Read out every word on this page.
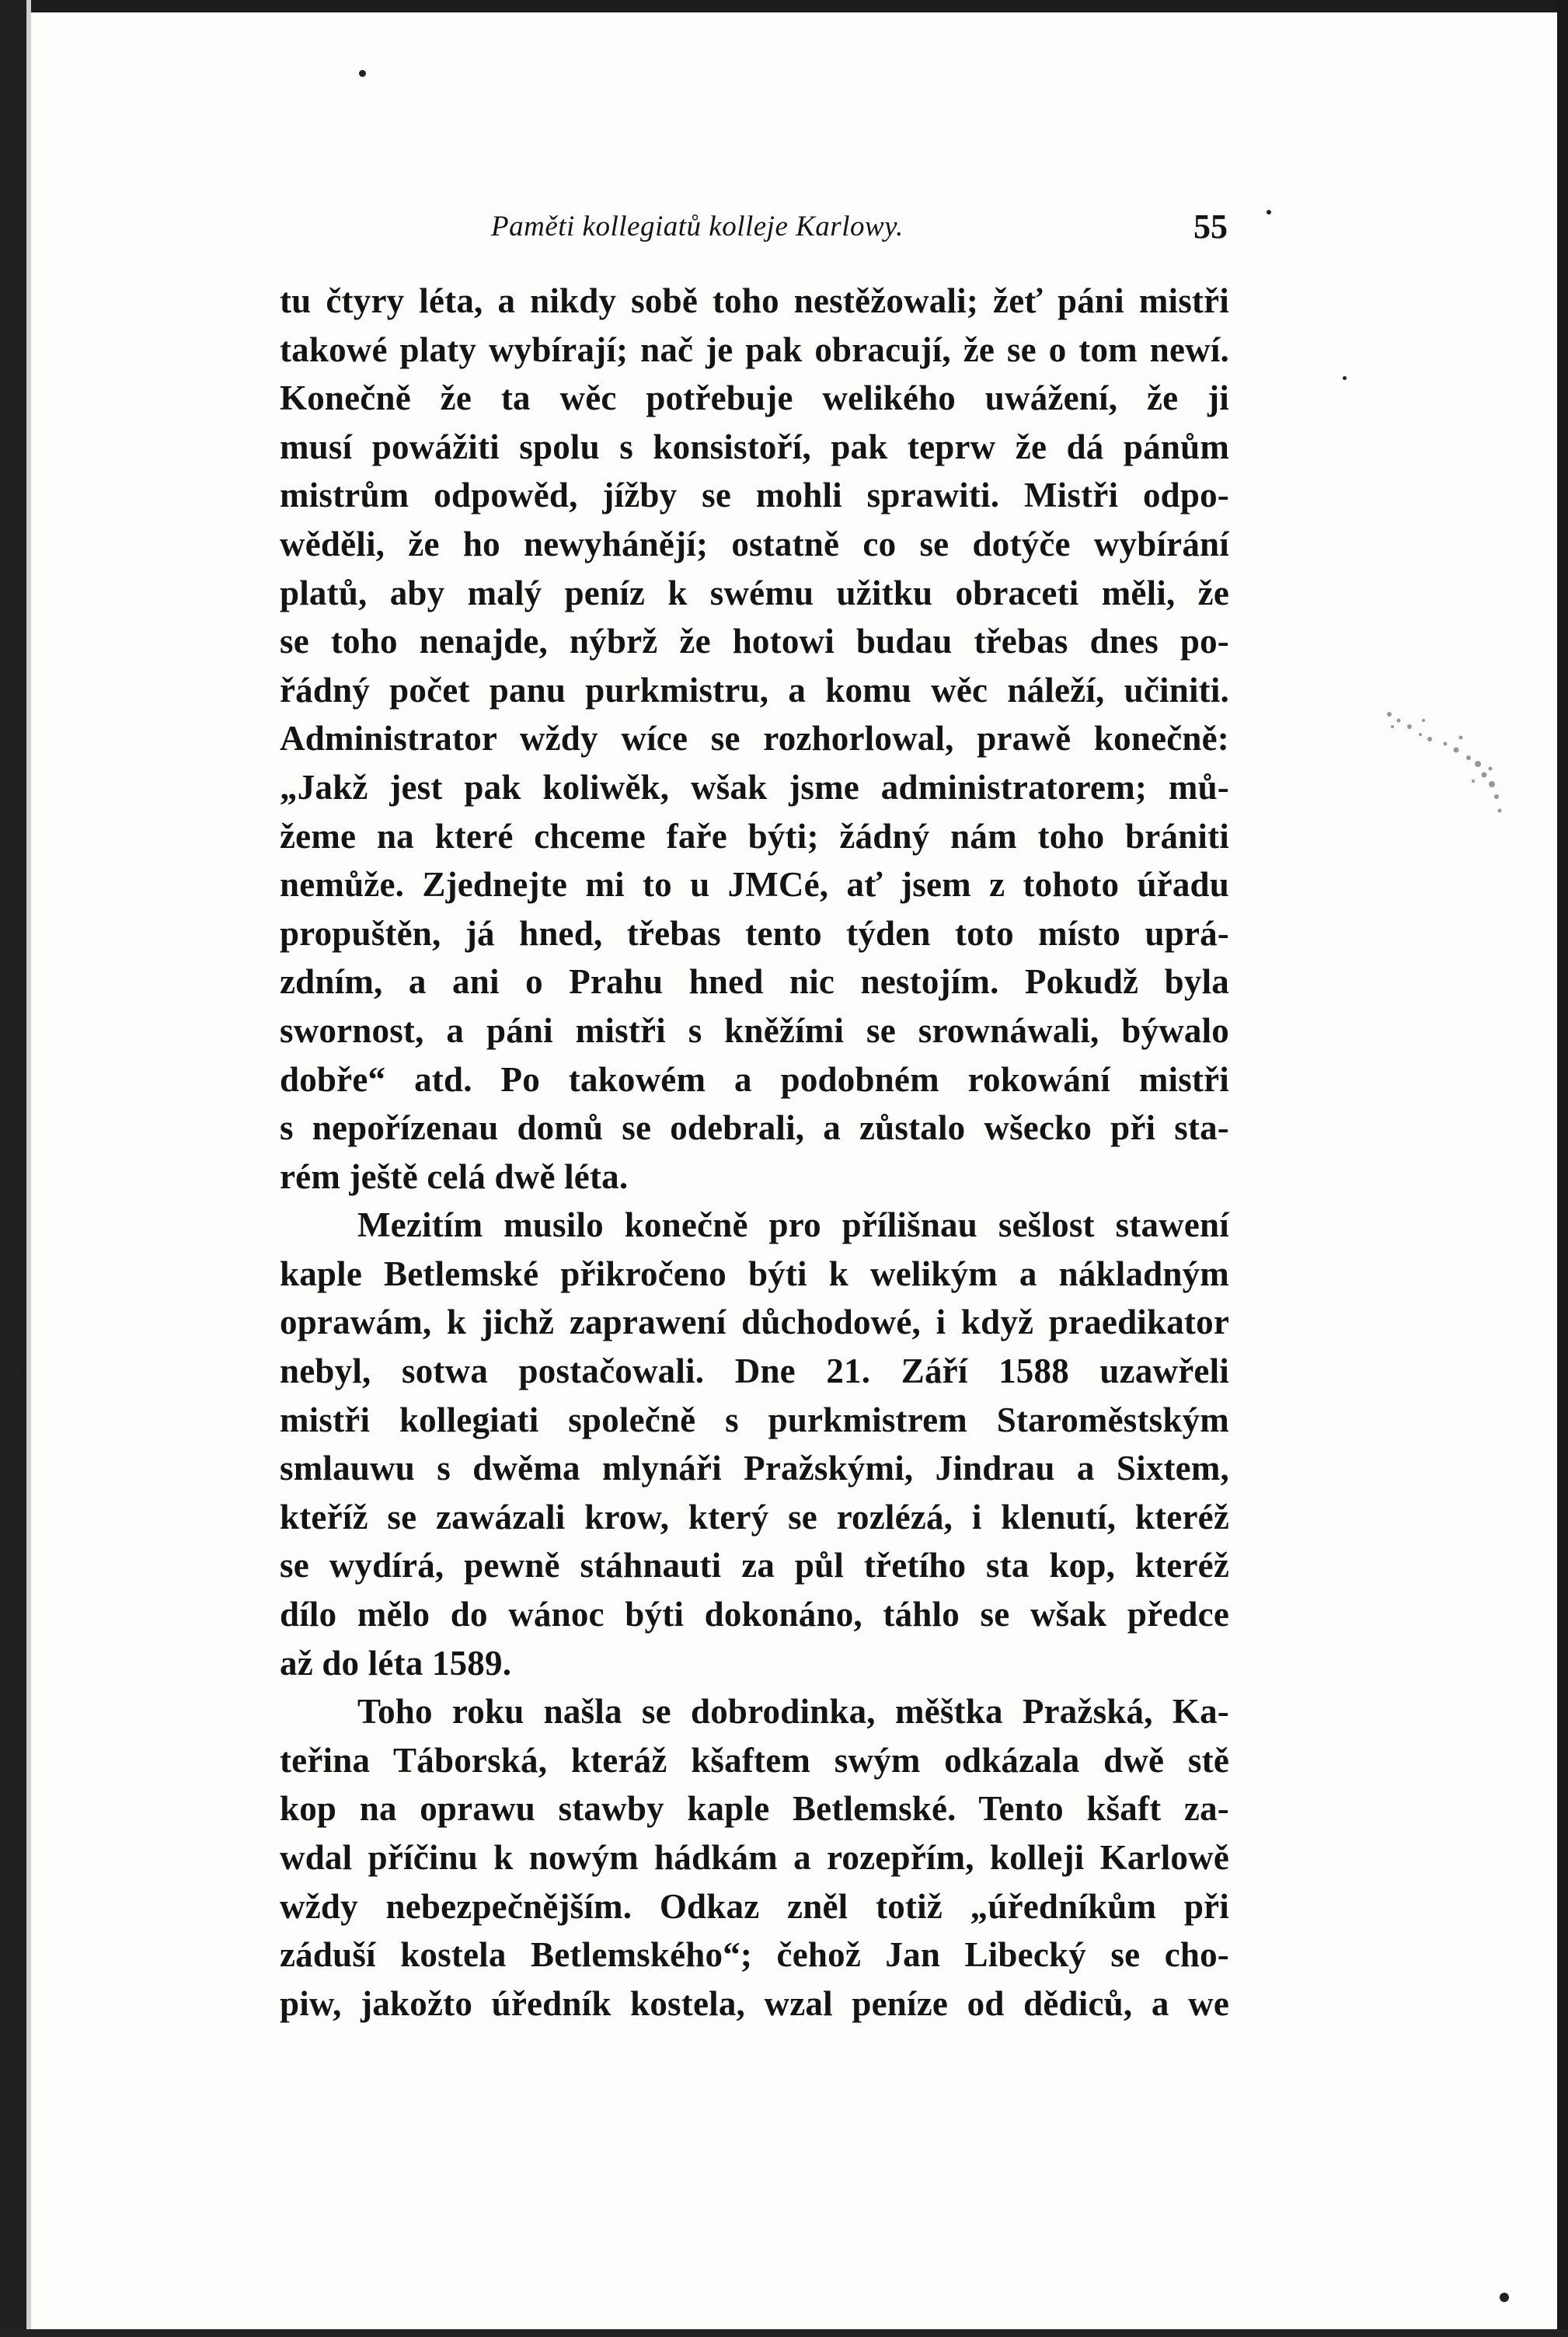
Paměti kollegiatů kolleje Karlowy.	55
tu čtyry léta, a nikdy sobě toho nestěžowali; žeť páni mistři
takowé platy wybírají; nač je pak obracují, že se o tom newí.
Konečně že ta wěc potřebuje welikého uwážení, že ji
musí powážiti spolu s konsistoří, pak teprw že dá pánům
mistrům odpowěd, jížby se mohli sprawiti. Mistři odpo-
wěděli, že ho newyhánějí; ostatně co se dotýče wybírání
platů, aby malý peníz k swému užitku obraceti měli, že
se toho nenajde, nýbrž že hotowi budau třebas dnes po-
řádný počet panu purkmistru, a komu wěc náleží, učiniti.
Administrator wždy wíce se rozhorlowal, prawě konečně:
„Jakž jest pak koliwěk, wšak jsme administratorem; mů-
žeme na které chceme faře býti; žádný nám toho brániti
nemůže. Zjednejte mi to u JMCé, ať jsem z tohoto úřadu
propuštěn, já hned, třebas tento týden toto místo uprá-
zdním, a ani o Prahu hned nic nestojím. Pokudž byla
swornost, a páni mistři s kněžími se srownáwali, býwalo
dobře“ atd. Po takowém a podobném rokowání mistři
s nepořízenau domů se odebrali, a zůstalo wšecko při sta-
rém ještě celá dwě léta.
Mezitím musilo konečně pro přílišnau sešlost stawení
kaple Betlemské přikročeno býti k welikým a nákladným
oprawám, k jichž zaprawení důchodowé, i když praedikator
nebyl, sotwa postačowali. Dne 21. Září 1588 uzawřeli
mistři kollegiati společně s purkmistrem Staroměstským
smlauwu s dwěma mlynáři Pražskými, Jindrau a Sixtem,
kteříž se zawázali krow, který se rozlézá, i klenutí, kteréž
se wydírá, pewně stáhnauti za půl třetího sta kop, kteréž
dílo mělo do wánoc býti dokonáno, táhlo se wšak předce
až do léta 1589.
Toho roku našla se dobrodinka, měštka Pražská, Ka-
teřina Táborská, kteráž kšaftem swým odkázala dwě stě
kop na oprawu stawby kaple Betlemské. Tento kšaft za-
wdal příčinu k nowým hádkám a rozepřím, kolleji Karlowě
wždy nebezpečnějším. Odkaz zněl totiž „úředníkům při
záduší kostela Betlemského“; čehož Jan Libecký se cho-
piw, jakožto úředník kostela, wzal peníze od dědiců, a we
